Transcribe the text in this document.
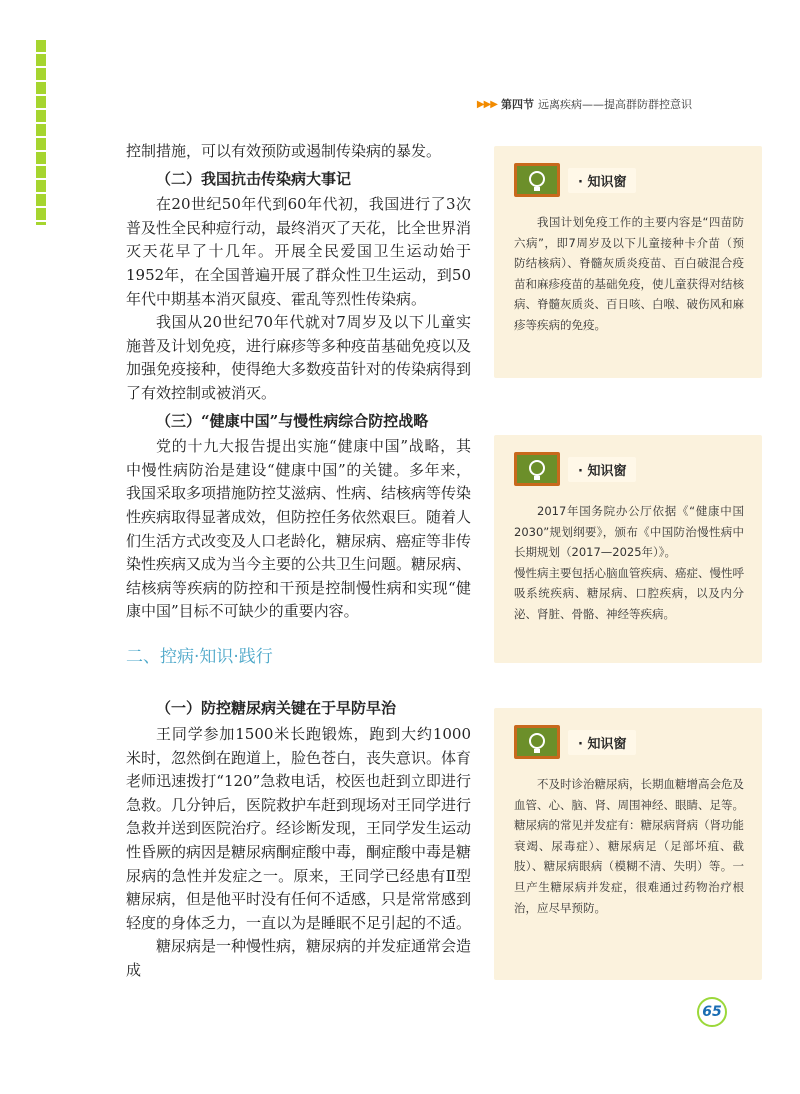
▶▶▶ 第四节 远离疾病——提高群防群控意识

控制措施，可以有效预防或遏制传染病的暴发。

（二）我国抗击传染病大事记

在20世纪50年代到60年代初，我国进行了3次普及性全民种痘行动，最终消灭了天花，比全世界消灭天花早了十几年。开展全民爱国卫生运动始于1952年，在全国普遍开展了群众性卫生运动，到50年代中期基本消灭鼠疫、霍乱等烈性传染病。

我国从20世纪70年代就对7周岁及以下儿童实施普及计划免疫，进行麻疹等多种疫苗基础免疫以及加强免疫接种，使得绝大多数疫苗针对的传染病得到了有效控制或被消灭。

（三）“健康中国”与慢性病综合防控战略

党的十九大报告提出实施“健康中国”战略，其中慢性病防治是建设“健康中国”的关键。多年来，我国采取多项措施防控艾滋病、性病、结核病等传染性疾病取得显著成效，但防控任务依然艰巨。随着人们生活方式改变及人口老龄化，糖尿病、癌症等非传染性疾病又成为当今主要的公共卫生问题。糖尿病、结核病等疾病的防控和干预是控制慢性病和实现“健康中国”目标不可缺少的重要内容。

二、控病·知识·践行
（一）防控糖尿病关键在于早防早治

王同学参加1500米长跑锻炼，跑到大约1000米时，忽然倒在跑道上，脸色苍白，丧失意识。体育老师迅速拨打“120”急救电话，校医也赶到立即进行急救。几分钟后，医院救护车赶到现场对王同学进行急救并送到医院治疗。经诊断发现，王同学发生运动性昏厥的病因是糖尿病酮症酸中毒，酮症酸中毒是糖尿病的急性并发症之一。原来，王同学已经患有Ⅱ型糖尿病，但是他平时没有任何不适感，只是常常感到轻度的身体乏力，一直以为是睡眠不足引起的不适。

糖尿病是一种慢性病，糖尿病的并发症通常会造成

· 知识窗

我国计划免疫工作的主要内容是“四苗防六病”，即7周岁及以下儿童接种卡介苗（预防结核病）、脊髓灰质炎疫苗、百白破混合疫苗和麻疹疫苗的基础免疫，使儿童获得对结核病、脊髓灰质炎、百日咳、白喉、破伤风和麻疹等疾病的免疫。

· 知识窗

2017年国务院办公厅依据《“健康中国2030”规划纲要》，颁布《中国防治慢性病中长期规划（2017—2025年）》。

慢性病主要包括心脑血管疾病、癌症、慢性呼吸系统疾病、糖尿病、口腔疾病，以及内分泌、肾脏、骨骼、神经等疾病。

· 知识窗

不及时诊治糖尿病，长期血糖增高会危及血管、心、脑、肾、周围神经、眼睛、足等。

糖尿病的常见并发症有：糖尿病肾病（肾功能衰竭、尿毒症）、糖尿病足（足部坏疽、截肢）、糖尿病眼病（模糊不清、失明）等。一旦产生糖尿病并发症，很难通过药物治疗根治，应尽早预防。

65
